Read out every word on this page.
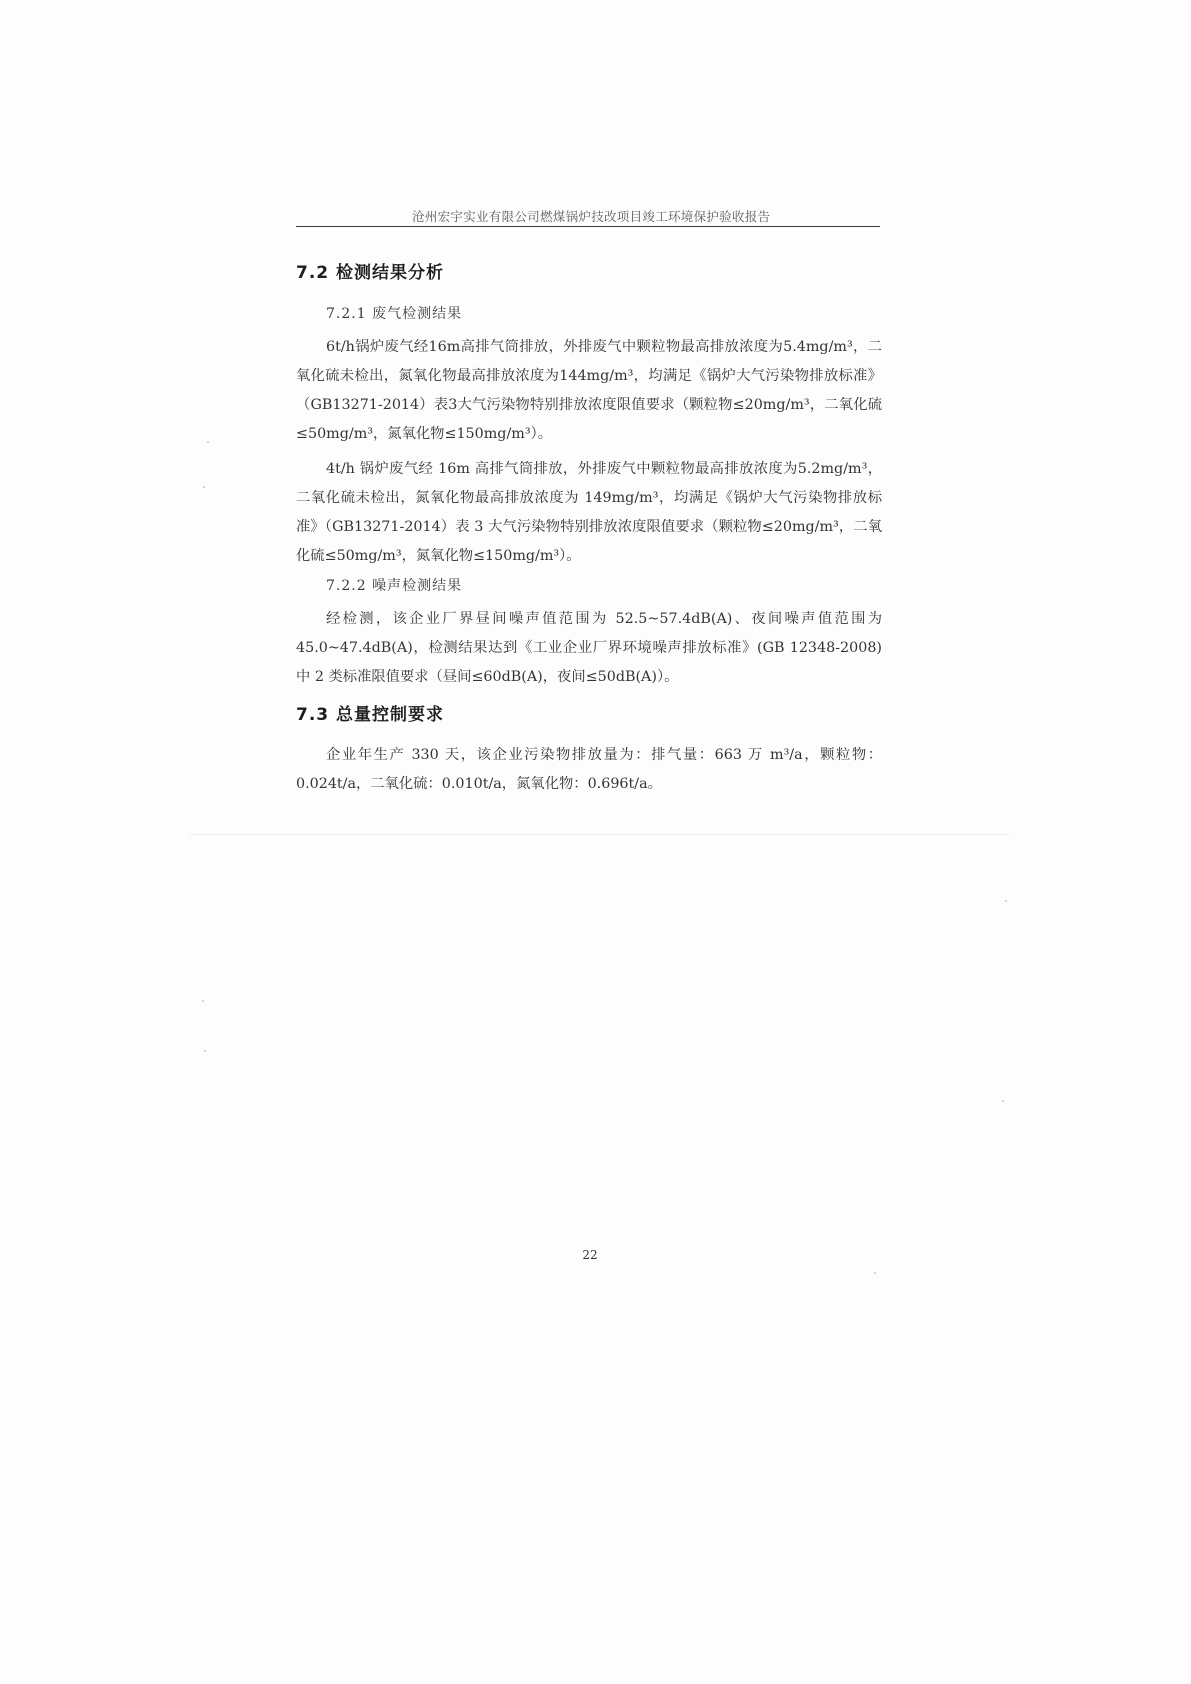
沧州宏宇实业有限公司燃煤锅炉技改项目竣工环境保护验收报告
7.2 检测结果分析
7.2.1 废气检测结果

6t/h锅炉废气经16m高排气筒排放，外排废气中颗粒物最高排放浓度为5.4mg/m³，二氧化硫未检出，氮氧化物最高排放浓度为144mg/m³，均满足《锅炉大气污染物排放标准》（GB13271-2014）表3大气污染物特别排放浓度限值要求（颗粒物≤20mg/m³，二氧化硫≤50mg/m³，氮氧化物≤150mg/m³）。

4t/h 锅炉废气经 16m 高排气筒排放，外排废气中颗粒物最高排放浓度为5.2mg/m³，二氧化硫未检出，氮氧化物最高排放浓度为 149mg/m³，均满足《锅炉大气污染物排放标准》（GB13271-2014）表 3 大气污染物特别排放浓度限值要求（颗粒物≤20mg/m³，二氧化硫≤50mg/m³，氮氧化物≤150mg/m³）。

7.2.2 噪声检测结果

经检测，该企业厂界昼间噪声值范围为 52.5~57.4dB(A)、夜间噪声值范围为 45.0~47.4dB(A)，检测结果达到《工业企业厂界环境噪声排放标准》(GB 12348-2008) 中 2 类标准限值要求（昼间≤60dB(A)，夜间≤50dB(A)）。

7.3 总量控制要求

企业年生产 330 天，该企业污染物排放量为：排气量：663 万 m³/a，颗粒物：0.024t/a，二氧化硫：0.010t/a，氮氧化物：0.696t/a。

22
